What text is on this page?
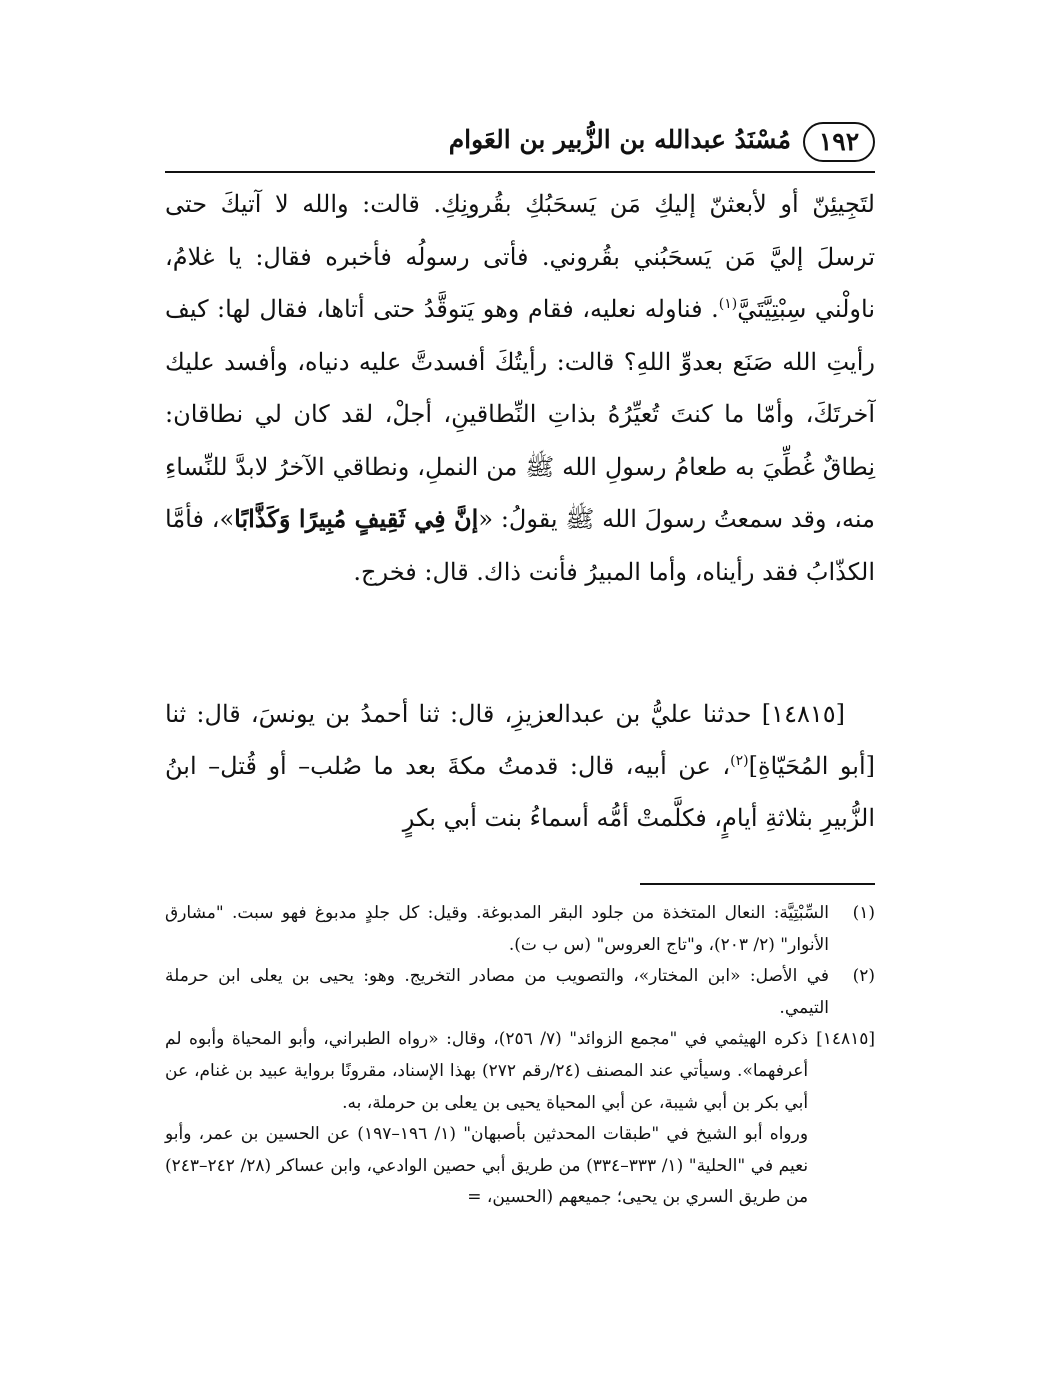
١٩٢
مُسْنَدُ عبدالله بن الزُّبير بن العَوام

لتَجِيئِنّ أو لأبعثنّ إليكِ مَن يَسحَبُكِ بقُرونِكِ. قالت: والله لا آتيكَ حتى ترسلَ إليَّ مَن يَسحَبُني بقُروني. فأتى رسولُه فأخبره فقال: يا غلامُ، ناولْني سِبْتِيَّتَيَّ$^{(١)}$. فناوله نعليه، فقام وهو يَتوقَّدُ حتى أتاها، فقال لها: كيف رأيتِ الله صَنَع بعدوِّ اللهِ؟ قالت: رأيتُكَ أفسدتَّ عليه دنياه، وأفسد عليك آخرتَكَ، وأمّا ما كنتَ تُعيِّرُهُ بذاتِ النِّطاقينِ، أجلْ، لقد كان لي نطاقان: نِطاقٌ غُطِّيَ به طعامُ رسولِ الله ﷺ من النملِ، ونطاقي الآخرُ لابدَّ للنِّساءِ منه، وقد سمعتُ رسولَ الله ﷺ يقولُ: «إنَّ فِي ثَقِيفٍ مُبِيرًا وَكَذَّابًا»، فأمَّا الكذّابُ فقد رأيناه، وأما المبيرُ فأنت ذاك. قال: فخرج.

[١٤٨١٥] حدثنا عليُّ بن عبدالعزيزِ، قال: ثنا أحمدُ بن يونسَ، قال: ثنا [أبو المُحَيّاةِ]$^{(٢)}$، عن أبيه، قال: قدمتُ مكةَ بعد ما صُلب– أو قُتل– ابنُ الزُّبيرِ بثلاثةِ أيامٍ، فكلَّمتْ أمُّه أسماءُ بنت أبي بكرٍ

(١)
السِّبْتِيَّة: النعال المتخذة من جلود البقر المدبوغة. وقيل: كل جلدٍ مدبوغ فهو سبت. "مشارق الأنوار" (٢/ ٢٠٣)، و"تاج العروس" (س ب ت).
(٢)
في الأصل: «ابن المختار»، والتصويب من مصادر التخريج. وهو: يحيى بن يعلى ابن حرملة التيمي.
[١٤٨١٥]

ذكره الهيثمي في "مجمع الزوائد" (٧/ ٢٥٦)، وقال: «رواه الطبراني، وأبو المحياة وأبوه لم أعرفهما». وسيأتي عند المصنف (٢٤/رقم ٢٧٢) بهذا الإسناد، مقرونًا برواية عبيد بن غنام، عن أبي بكر بن أبي شيبة، عن أبي المحياة يحيى بن يعلى بن حرملة، به.

ورواه أبو الشيخ في "طبقات المحدثين بأصبهان" (١/ ١٩٦–١٩٧) عن الحسين بن عمر، وأبو نعيم في "الحلية" (١/ ٣٣٣–٣٣٤) من طريق أبي حصين الوادعي، وابن عساكر (٢٨/ ٢٤٢–٢٤٣) من طريق السري بن يحيى؛ جميعهم (الحسين، =
